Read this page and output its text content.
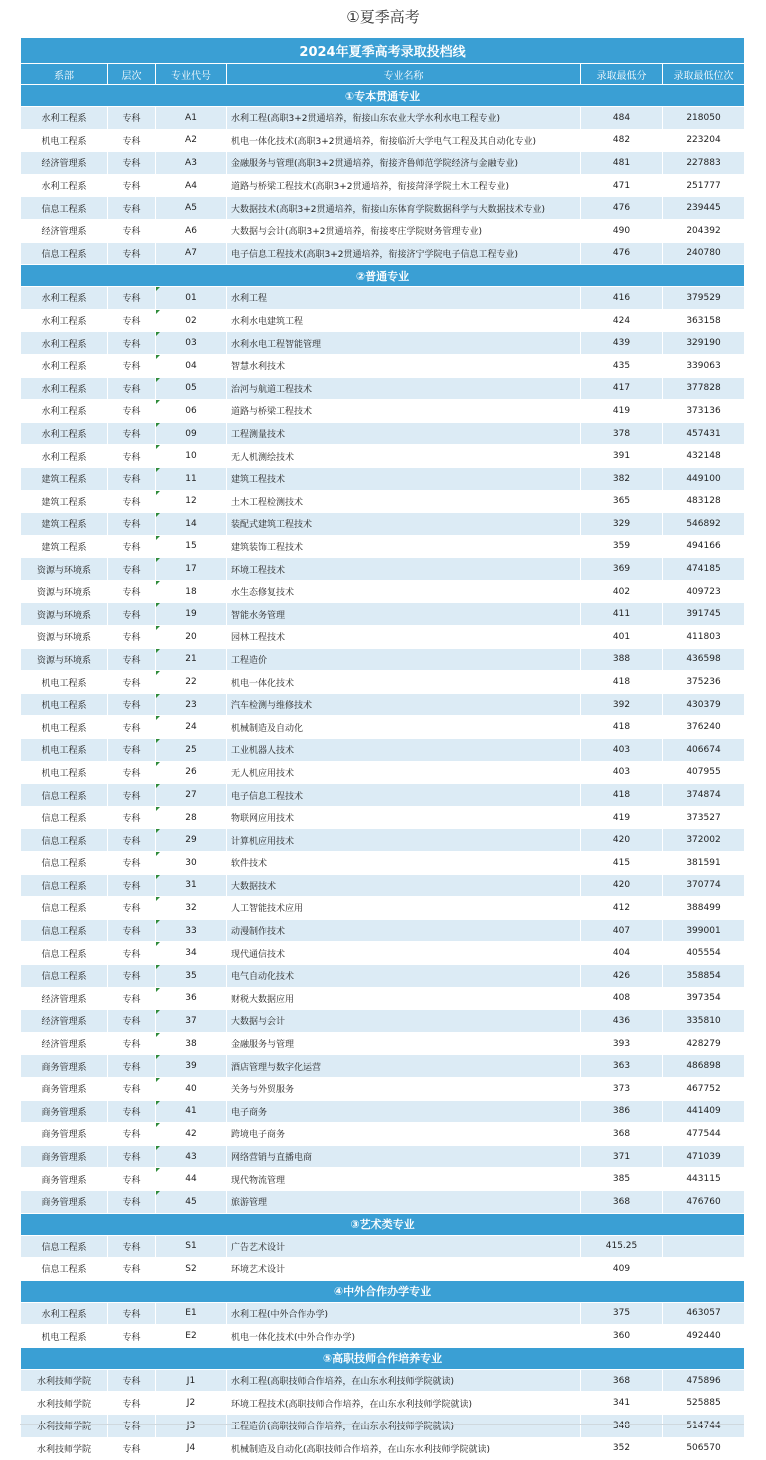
①夏季高考
2024年夏季高考录取投档线					
系部	层次	专业代号	专业名称	录取最低分	录取最低位次
①专本贯通专业					
水利工程系	专科	A1	水利工程(高职3+2贯通培养，衔接山东农业大学水利水电工程专业)	484	218050
机电工程系	专科	A2	机电一体化技术(高职3+2贯通培养，衔接临沂大学电气工程及其自动化专业)	482	223204
经济管理系	专科	A3	金融服务与管理(高职3+2贯通培养，衔接齐鲁师范学院经济与金融专业)	481	227883
水利工程系	专科	A4	道路与桥梁工程技术(高职3+2贯通培养，衔接菏泽学院土木工程专业)	471	251777
信息工程系	专科	A5	大数据技术(高职3+2贯通培养，衔接山东体育学院数据科学与大数据技术专业)	476	239445
经济管理系	专科	A6	大数据与会计(高职3+2贯通培养，衔接枣庄学院财务管理专业)	490	204392
信息工程系	专科	A7	电子信息工程技术(高职3+2贯通培养，衔接济宁学院电子信息工程专业)	476	240780
②普通专业					
水利工程系	专科	01	水利工程	416	379529
水利工程系	专科	02	水利水电建筑工程	424	363158
水利工程系	专科	03	水利水电工程智能管理	439	329190
水利工程系	专科	04	智慧水利技术	435	339063
水利工程系	专科	05	治河与航道工程技术	417	377828
水利工程系	专科	06	道路与桥梁工程技术	419	373136
水利工程系	专科	09	工程测量技术	378	457431
水利工程系	专科	10	无人机测绘技术	391	432148
建筑工程系	专科	11	建筑工程技术	382	449100
建筑工程系	专科	12	土木工程检测技术	365	483128
建筑工程系	专科	14	装配式建筑工程技术	329	546892
建筑工程系	专科	15	建筑装饰工程技术	359	494166
资源与环境系	专科	17	环境工程技术	369	474185
资源与环境系	专科	18	水生态修复技术	402	409723
资源与环境系	专科	19	智能水务管理	411	391745
资源与环境系	专科	20	园林工程技术	401	411803
资源与环境系	专科	21	工程造价	388	436598
机电工程系	专科	22	机电一体化技术	418	375236
机电工程系	专科	23	汽车检测与维修技术	392	430379
机电工程系	专科	24	机械制造及自动化	418	376240
机电工程系	专科	25	工业机器人技术	403	406674
机电工程系	专科	26	无人机应用技术	403	407955
信息工程系	专科	27	电子信息工程技术	418	374874
信息工程系	专科	28	物联网应用技术	419	373527
信息工程系	专科	29	计算机应用技术	420	372002
信息工程系	专科	30	软件技术	415	381591
信息工程系	专科	31	大数据技术	420	370774
信息工程系	专科	32	人工智能技术应用	412	388499
信息工程系	专科	33	动漫制作技术	407	399001
信息工程系	专科	34	现代通信技术	404	405554
信息工程系	专科	35	电气自动化技术	426	358854
经济管理系	专科	36	财税大数据应用	408	397354
经济管理系	专科	37	大数据与会计	436	335810
经济管理系	专科	38	金融服务与管理	393	428279
商务管理系	专科	39	酒店管理与数字化运营	363	486898
商务管理系	专科	40	关务与外贸服务	373	467752
商务管理系	专科	41	电子商务	386	441409
商务管理系	专科	42	跨境电子商务	368	477544
商务管理系	专科	43	网络营销与直播电商	371	471039
商务管理系	专科	44	现代物流管理	385	443115
商务管理系	专科	45	旅游管理	368	476760
③艺术类专业					
信息工程系	专科	S1	广告艺术设计	415.25	
信息工程系	专科	S2	环境艺术设计	409	
④中外合作办学专业					
水利工程系	专科	E1	水利工程(中外合作办学)	375	463057
机电工程系	专科	E2	机电一体化技术(中外合作办学)	360	492440
⑤高职技师合作培养专业					
水利技师学院	专科	J1	水利工程(高职技师合作培养，在山东水利技师学院就读)	368	475896
水利技师学院	专科	J2	环境工程技术(高职技师合作培养，在山东水利技师学院就读)	341	525885
水利技师学院	专科	J3	工程造价(高职技师合作培养，在山东水利技师学院就读)	348	514744
水利技师学院	专科	J4	机械制造及自动化(高职技师合作培养，在山东水利技师学院就读)	352	506570
